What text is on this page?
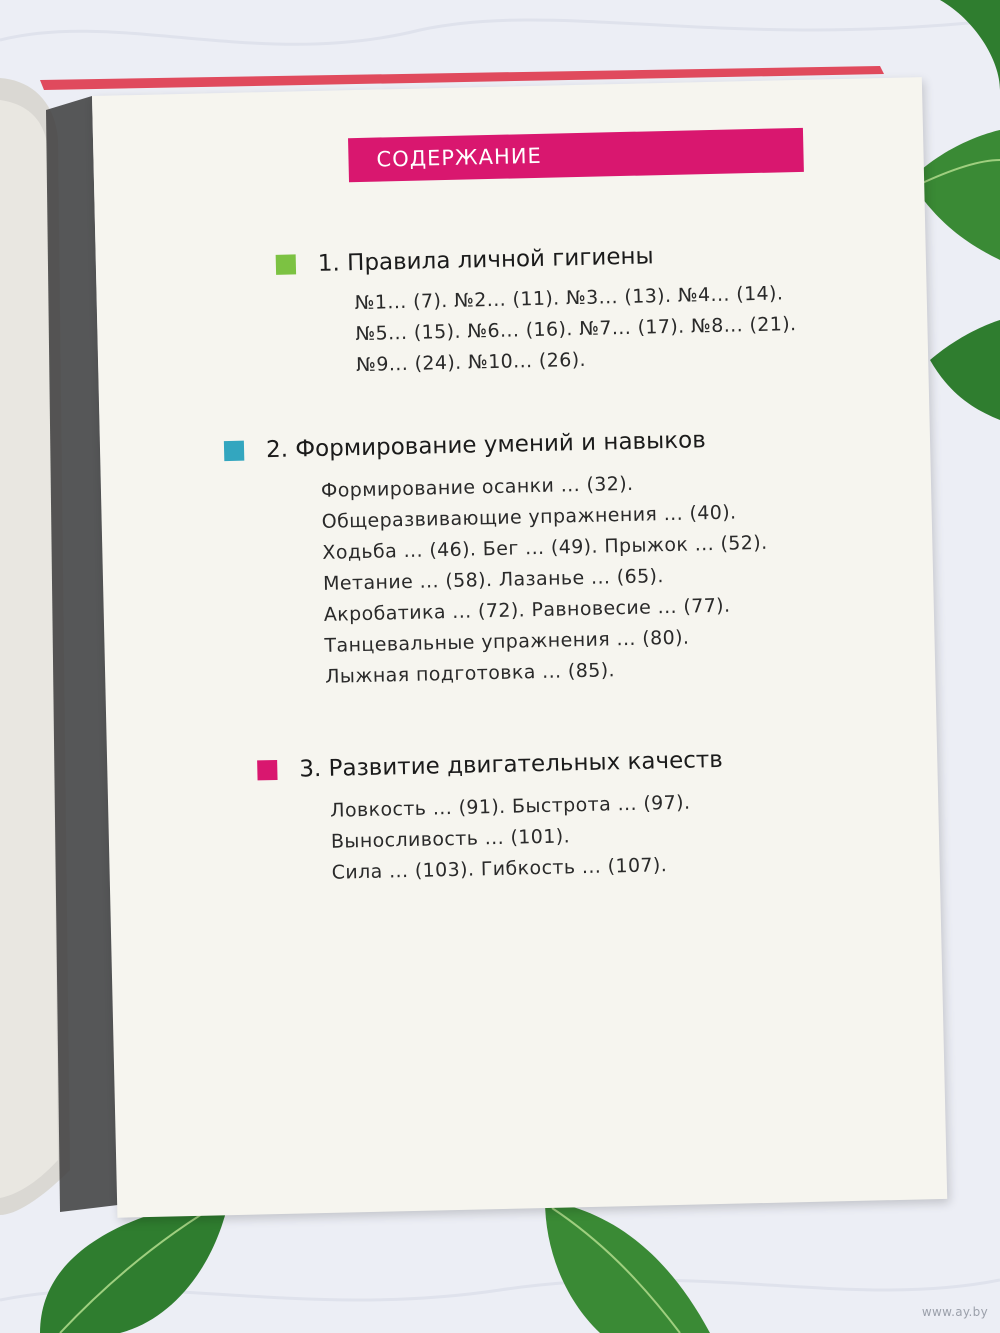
СОДЕРЖАНИЕ
1. Правила личной гигиены
№1... (7). №2... (11). №3... (13). №4... (14).
№5... (15). №6... (16). №7... (17). №8... (21).
№9... (24). №10... (26).
2. Формирование умений и навыков
Формирование осанки ... (32).
Общеразвивающие упражнения ... (40).
Ходьба ... (46). Бег ... (49). Прыжок ... (52).
Метание ... (58). Лазанье ... (65).
Акробатика ... (72). Равновесие ... (77).
Танцевальные упражнения ... (80).
Лыжная подготовка ... (85).
3. Развитие двигательных качеств
Ловкость ... (91). Быстрота ... (97).
Выносливость ... (101).
Сила ... (103). Гибкость ... (107).
www.ay.by
